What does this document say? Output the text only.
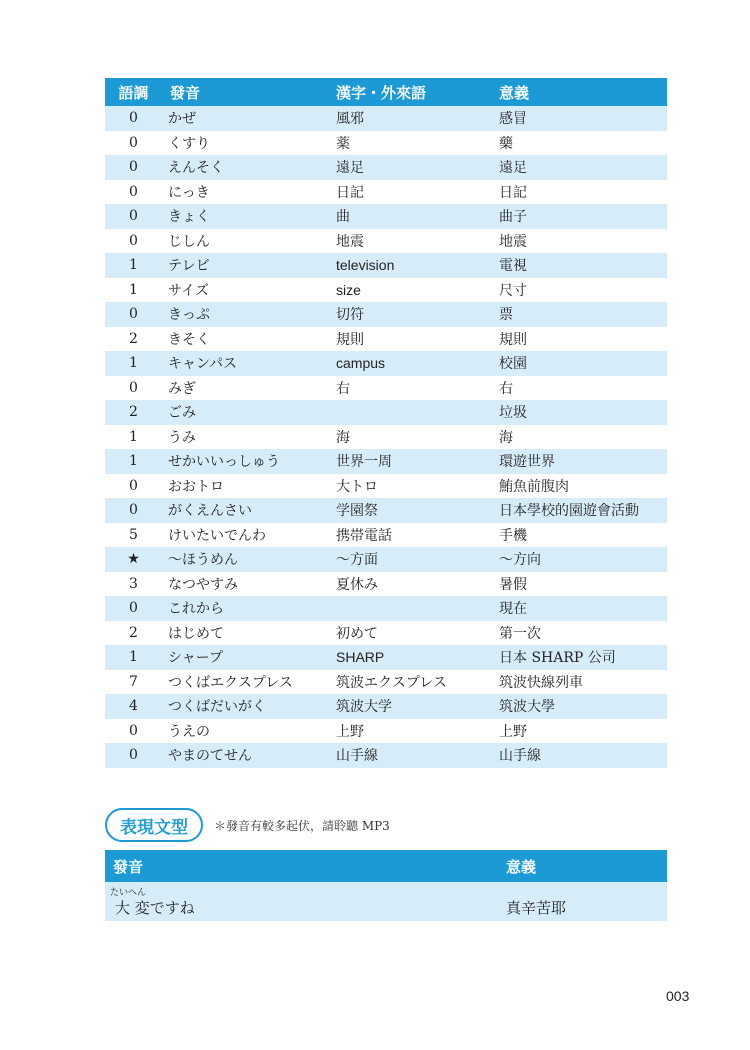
語調	發音	漢字・外來語	意義
0	かぜ	風邪	感冒
0	くすり	薬	藥
0	えんそく	遠足	遠足
0	にっき	日記	日記
0	きょく	曲	曲子
0	じしん	地震	地震
1	テレビ	television	電視
1	サイズ	size	尺寸
0	きっぷ	切符	票
2	きそく	規則	規則
1	キャンパス	campus	校園
0	みぎ	右	右
2	ごみ		垃圾
1	うみ	海	海
1	せかいいっしゅう	世界一周	環遊世界
0	おおトロ	大トロ	鮪魚前腹肉
0	がくえんさい	学園祭	日本學校的園遊會活動
5	けいたいでんわ	携帯電話	手機
★	～ほうめん	～方面	～方向
3	なつやすみ	夏休み	暑假
0	これから		現在
2	はじめて	初めて	第一次
1	シャープ	SHARP	日本 SHARP 公司
7	つくばエクスプレス	筑波エクスプレス	筑波快線列車
4	つくばだいがく	筑波大学	筑波大學
0	うえの	上野	上野
0	やまのてせん	山手線	山手線
表現文型	＊發音有較多起伏，請聆聽 MP3
發音	意義

たいへん
大 変ですね	真辛苦耶
003
